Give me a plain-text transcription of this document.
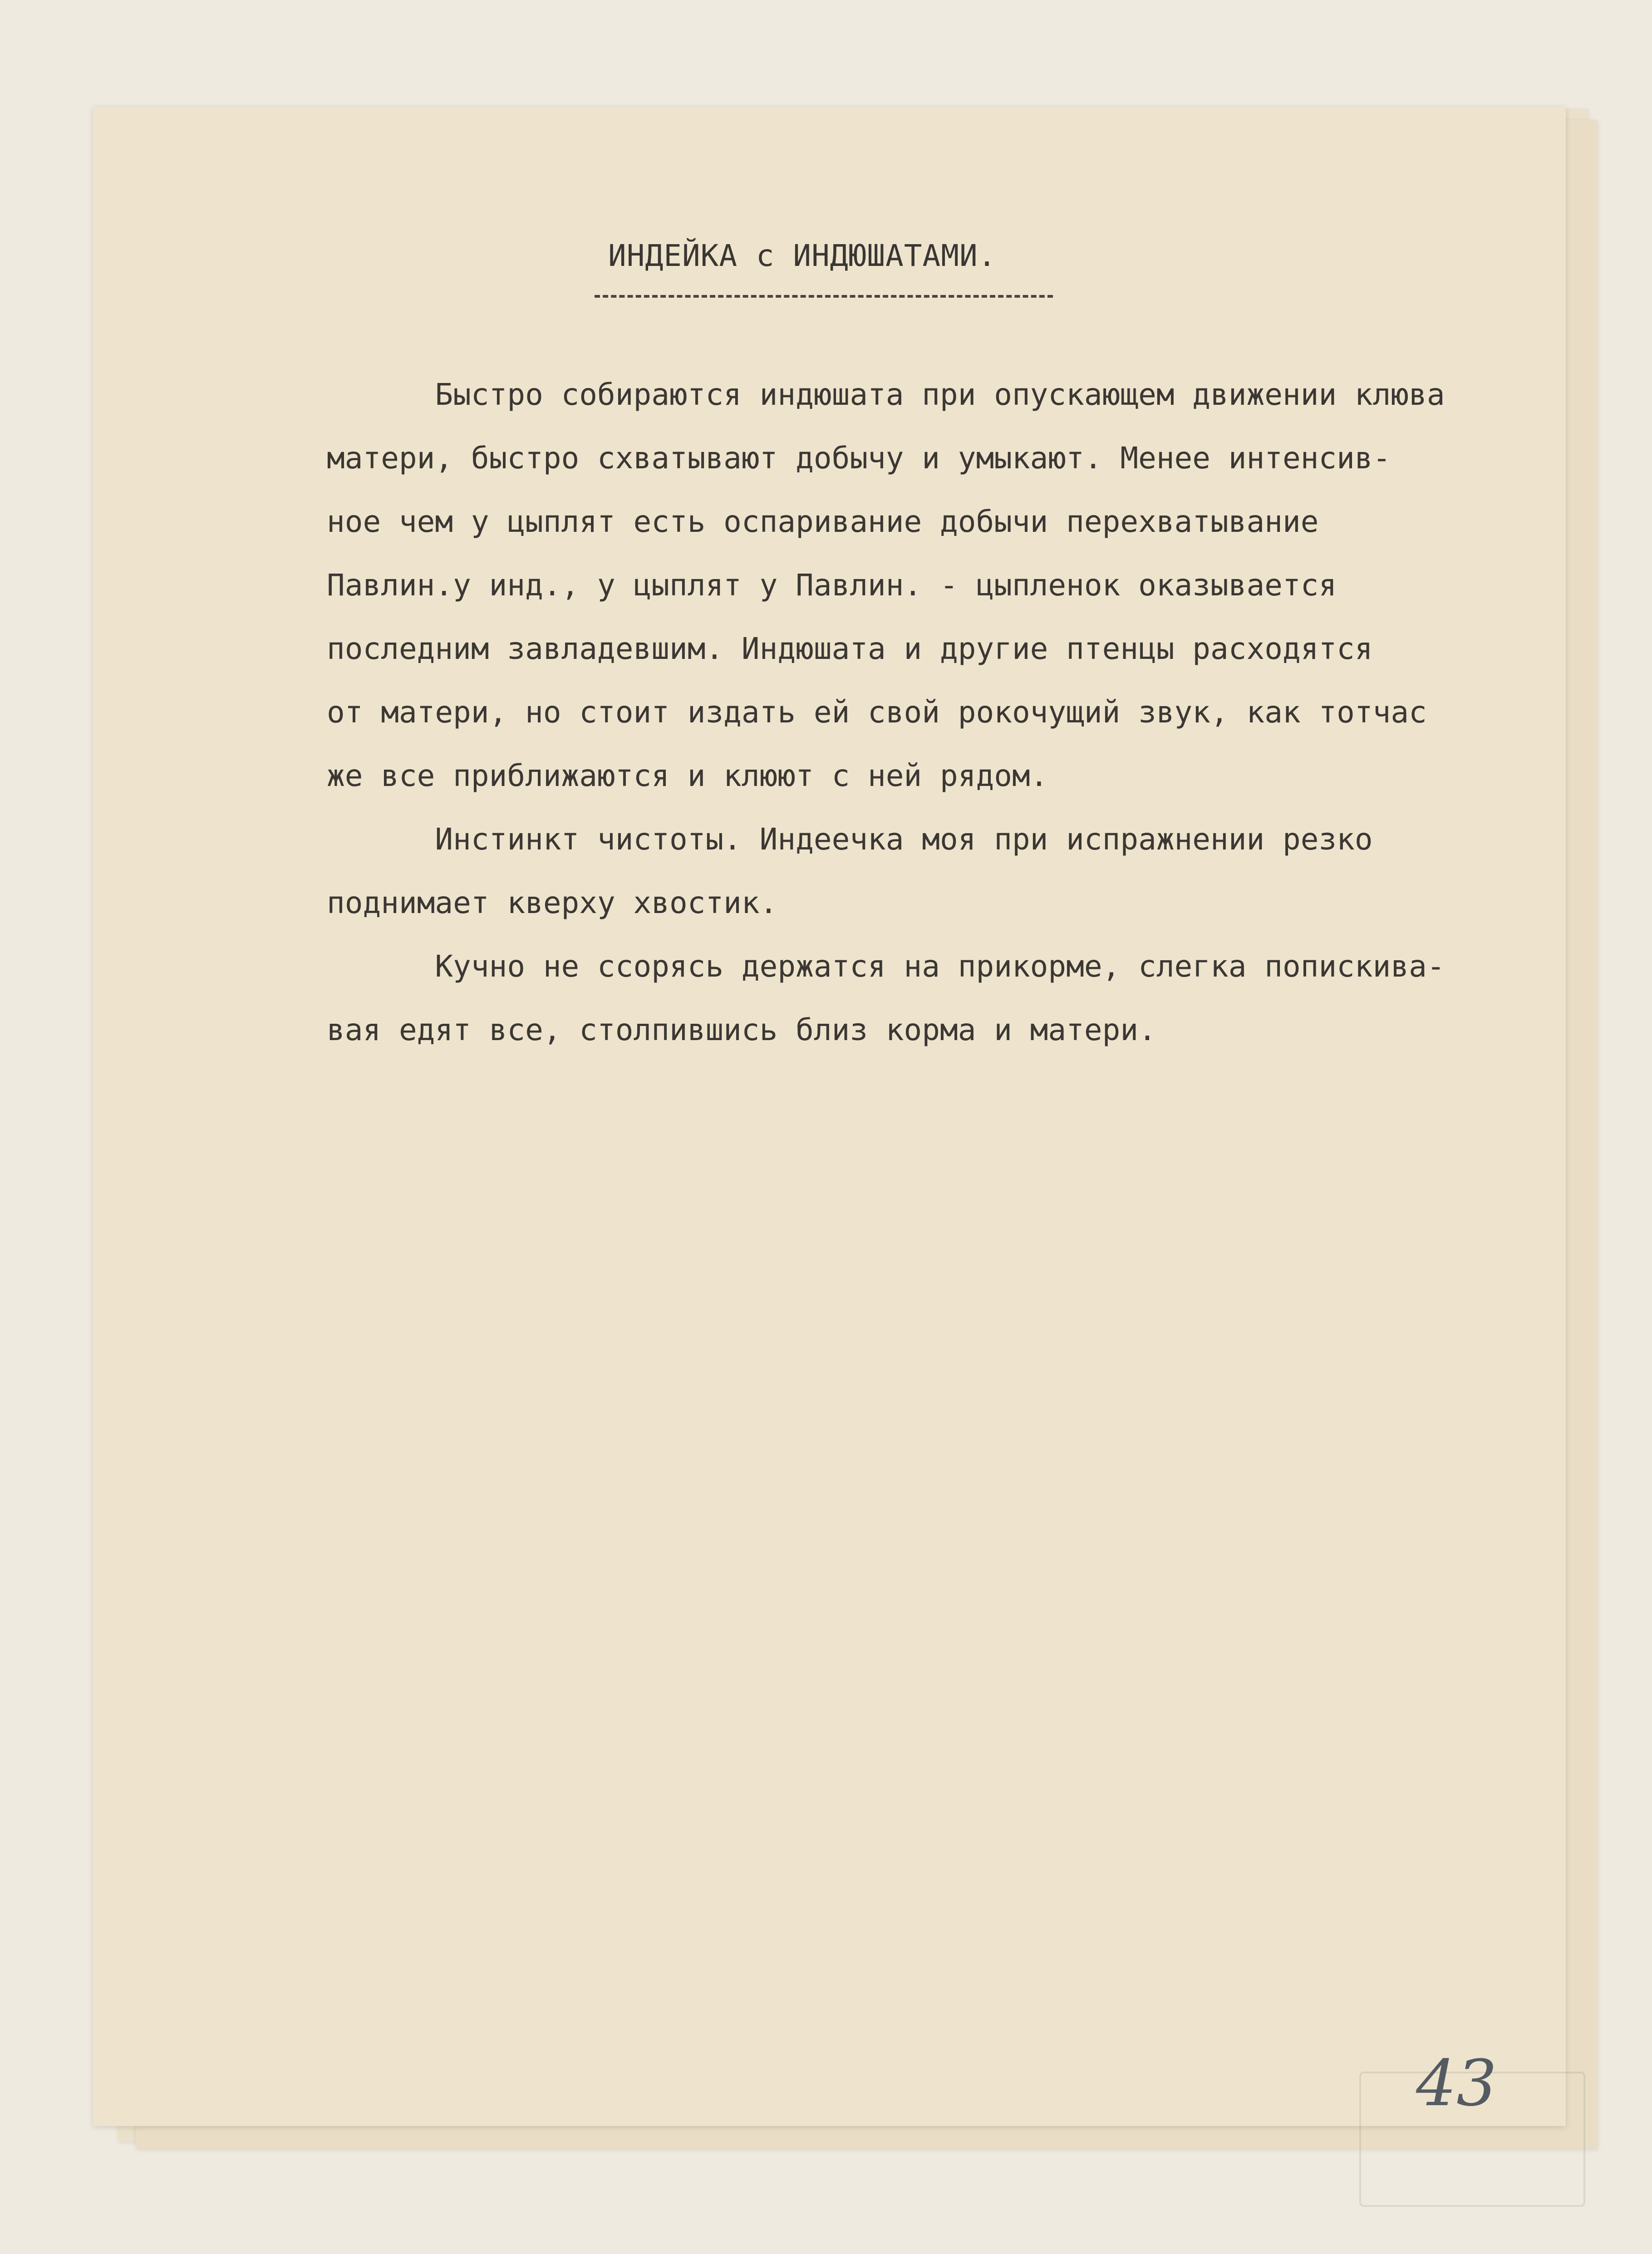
ИНДЕЙКА с ИНДЮШАТАМИ.
Быстро собираются индюшата при опускающем движении клюва
матери, быстро схватывают добычу и умыкают. Менее интенсив-
ное чем у цыплят есть оспаривание добычи перехватывание
Павлин.у инд., у цыплят у Павлин. - цыпленок оказывается
последним завладевшим. Индюшата и другие птенцы расходятся
от матери, но стоит издать ей свой рокочущий звук, как тотчас
же все приближаются и клюют с ней рядом.
Инстинкт чистоты. Индеечка моя при испражнении резко
поднимает кверху хвостик.
Кучно не ссорясь держатся на прикорме, слегка попискива-
вая едят все, столпившись близ корма и матери.
43
